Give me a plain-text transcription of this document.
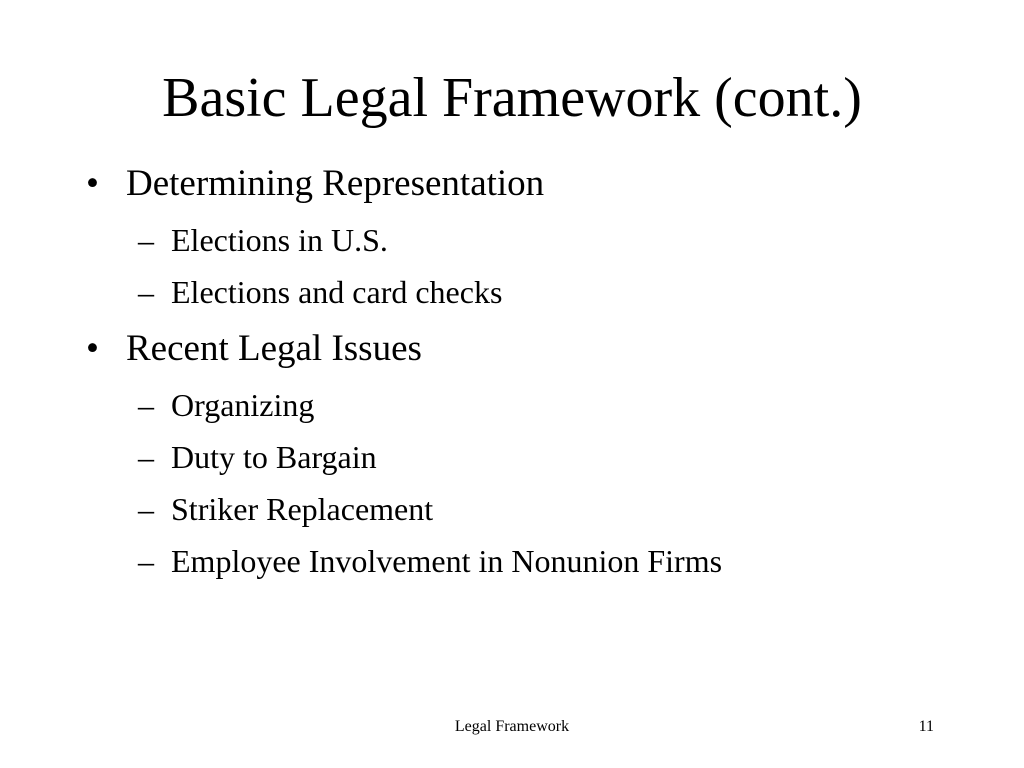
Basic Legal Framework (cont.)
• Determining Representation
– Elections in U.S.
– Elections and card checks
• Recent Legal Issues
– Organizing
– Duty to Bargain
– Striker Replacement
– Employee Involvement in Nonunion Firms
Legal Framework	11
